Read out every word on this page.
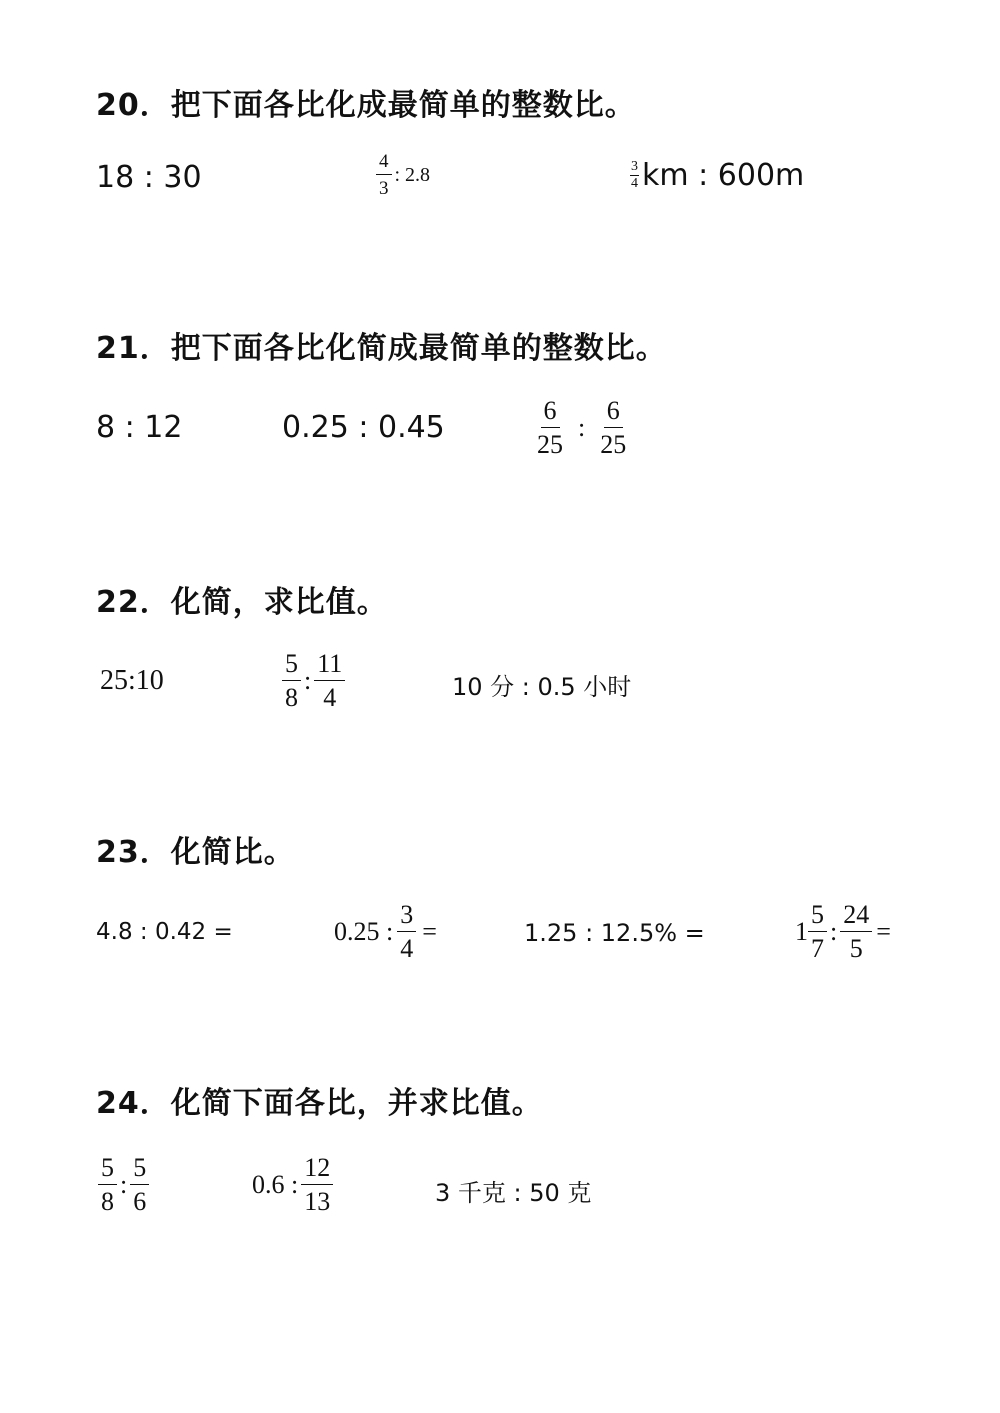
20．把下面各比化成最简单的整数比。
18 : 30	$\frac{4}{3}$ : 2.8	$\frac{3}{4}$ km : 600m
21．把下面各比化简成最简单的整数比。
8 : 12	0.25 : 0.45	$\frac{6}{25}$ : $\frac{6}{25}$
22．化简，求比值。
25:10	$\frac{5}{8}$ : $\frac{11}{4}$	10 分 : 0.5 小时
23．化简比。
4.8 : 0.42 =	0.25 : $\frac{3}{4}$ =	1.25 : 12.5% =	$1 \frac{5}{7}$ : $\frac{24}{5}$ =
24．化简下面各比，并求比值。
$\frac{5}{8}$ : $\frac{5}{6}$	0.6 : $\frac{12}{13}$	3 千克 : 50 克
